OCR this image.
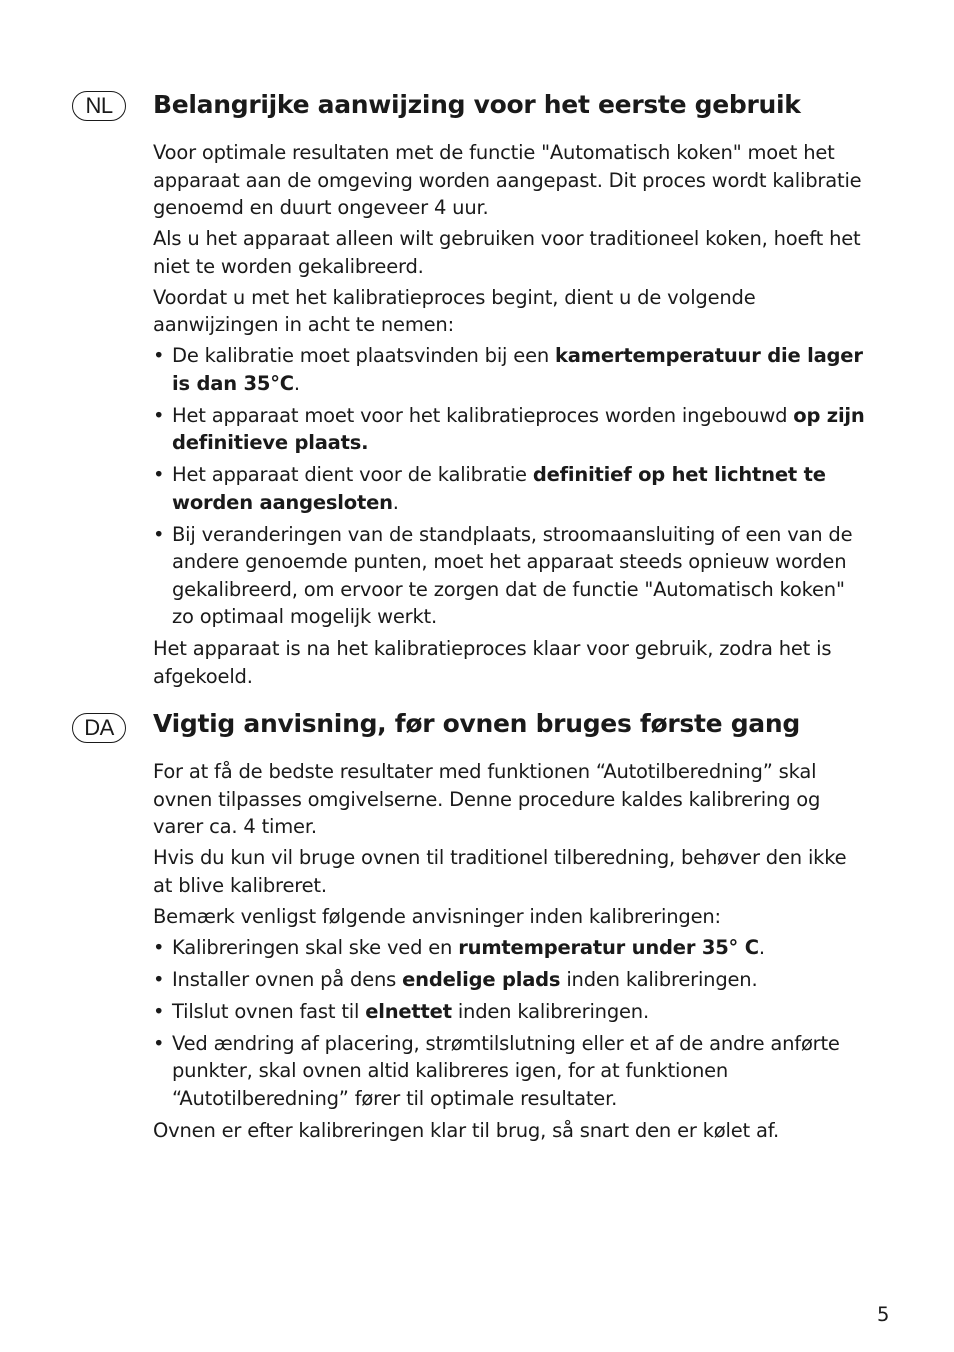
NL	Belangrijke aanwijzing voor het eerste gebruik

Voor optimale resultaten met de functie "Automatisch koken" moet het apparaat aan de omgeving worden aangepast. Dit proces wordt kalibratie genoemd en duurt ongeveer 4 uur.

Als u het apparaat alleen wilt gebruiken voor traditioneel koken, hoeft het niet te worden gekalibreerd.

Voordat u met het kalibratieproces begint, dient u de volgende aanwijzingen in acht te nemen:

• De kalibratie moet plaatsvinden bij een kamertemperatuur die lager is dan 35°C.
• Het apparaat moet voor het kalibratieproces worden ingebouwd op zijn definitieve plaats.
• Het apparaat dient voor de kalibratie definitief op het lichtnet te worden aangesloten.
• Bij veranderingen van de standplaats, stroomaansluiting of een van de andere genoemde punten, moet het apparaat steeds opnieuw worden gekalibreerd, om ervoor te zorgen dat de functie "Automatisch koken" zo optimaal mogelijk werkt.

Het apparaat is na het kalibratieproces klaar voor gebruik, zodra het is afgekoeld.

DA	Vigtig anvisning, før ovnen bruges første gang

For at få de bedste resultater med funktionen “Autotilberedning” skal ovnen tilpasses omgivelserne. Denne procedure kaldes kalibrering og varer ca. 4 timer.

Hvis du kun vil bruge ovnen til traditionel tilberedning, behøver den ikke at blive kalibreret.

Bemærk venligst følgende anvisninger inden kalibreringen:

• Kalibreringen skal ske ved en rumtemperatur under 35° C.
• Installer ovnen på dens endelige plads inden kalibreringen.
• Tilslut ovnen fast til elnettet inden kalibreringen.
• Ved ændring af placering, strømtilslutning eller et af de andre anførte punkter, skal ovnen altid kalibreres igen, for at funktionen “Autotilberedning” fører til optimale resultater.

Ovnen er efter kalibreringen klar til brug, så snart den er kølet af.

5
